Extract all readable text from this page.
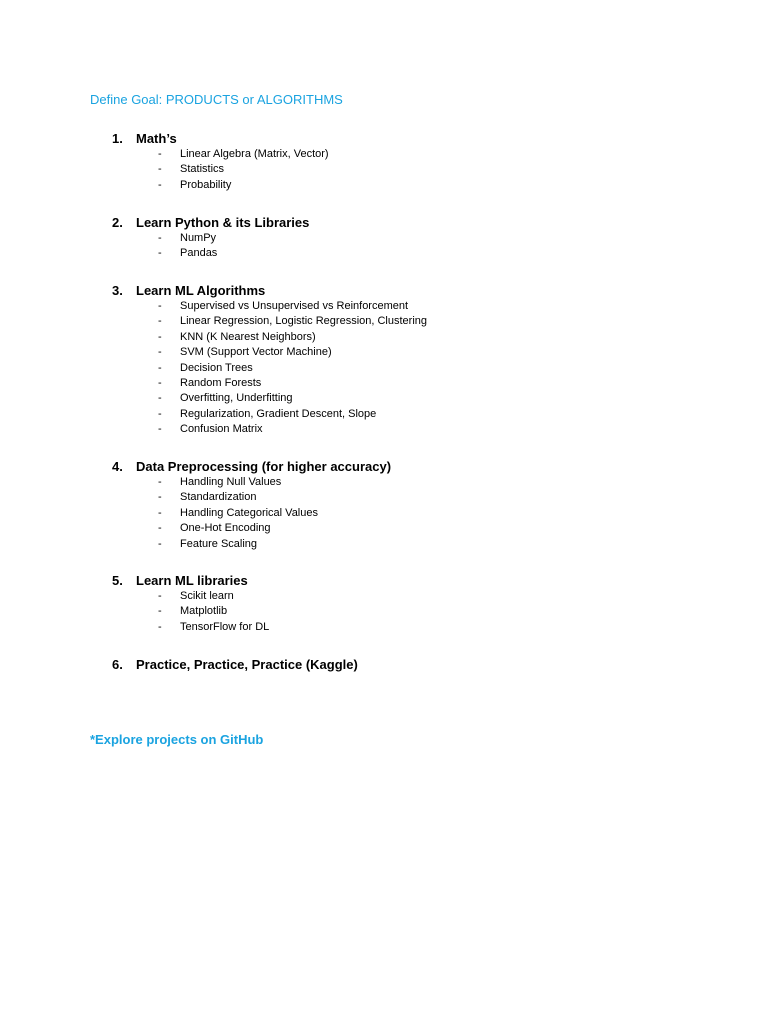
Define Goal: PRODUCTS or ALGORITHMS
1.	Math’s
-	Linear Algebra (Matrix, Vector)
-	Statistics
-	Probability
2.	Learn Python & its Libraries
-	NumPy
-	Pandas
3.	Learn ML Algorithms
-	Supervised vs Unsupervised vs Reinforcement
-	Linear Regression, Logistic Regression, Clustering
-	KNN (K Nearest Neighbors)
-	SVM (Support Vector Machine)
-	Decision Trees
-	Random Forests
-	Overfitting, Underfitting
-	Regularization, Gradient Descent, Slope
-	Confusion Matrix
4.	Data Preprocessing (for higher accuracy)
-	Handling Null Values
-	Standardization
-	Handling Categorical Values
-	One-Hot Encoding
-	Feature Scaling
5.	Learn ML libraries
-	Scikit learn
-	Matplotlib
-	TensorFlow for DL
6.	Practice, Practice, Practice (Kaggle)
*Explore projects on GitHub
